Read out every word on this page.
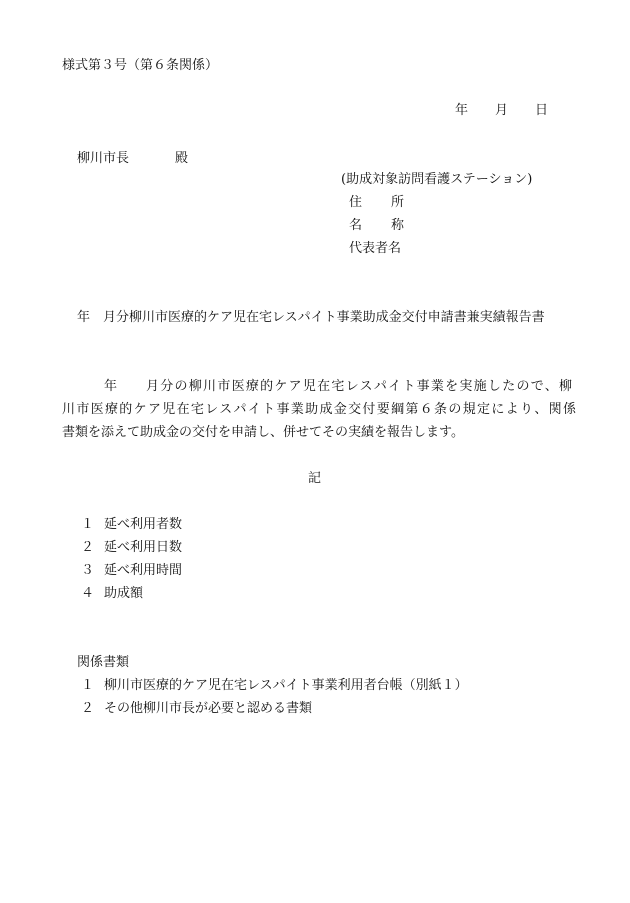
様式第３号（第６条関係）
年 月 日
柳川市長	殿
(助成対象訪問看護ステーション)
住 所
名 称
代表者名
年 月分柳川市医療的ケア児在宅レスパイト事業助成金交付申請書兼実績報告書
年 月分の柳川市医療的ケア児在宅レスパイト事業を実施したので、柳
川市医療的ケア児在宅レスパイト事業助成金交付要綱第６条の規定により、関係
書類を添えて助成金の交付を申請し、併せてその実績を報告します。
記
１ 延べ利用者数
２ 延べ利用日数
３ 延べ利用時間
４ 助成額
関係書類
１ 柳川市医療的ケア児在宅レスパイト事業利用者台帳（別紙１）
２ その他柳川市長が必要と認める書類
